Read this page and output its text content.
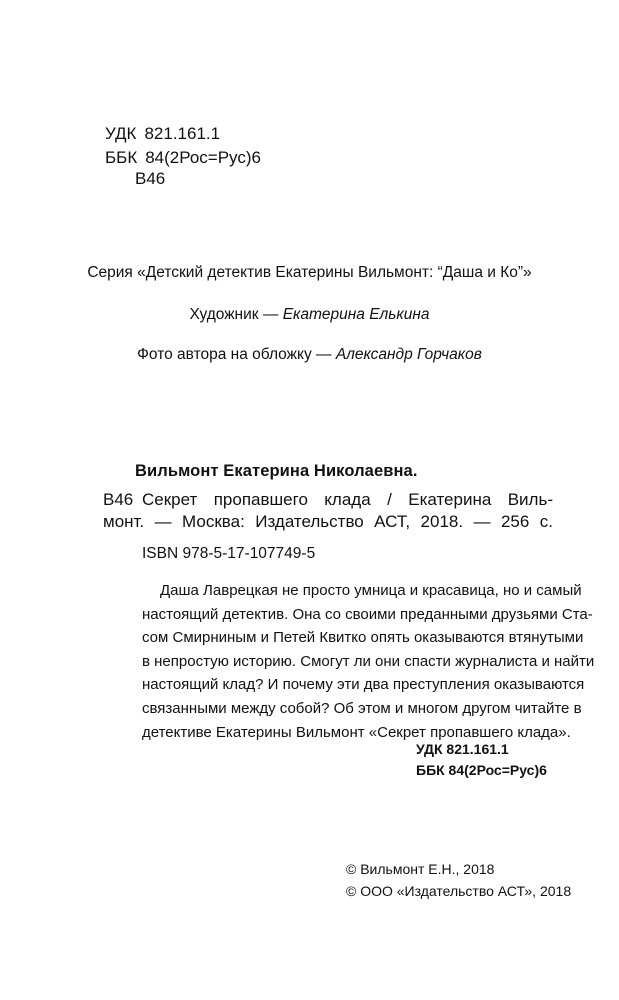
УДК 821.161.1
ББК 84(2Рос=Рус)6
В46
Серия «Детский детектив Екатерины Вильмонт: “Даша и Ко”»
Художник — Екатерина Елькина
Фото автора на обложку — Александр Горчаков
Вильмонт Екатерина Николаевна.
В46 Секрет пропавшего клада / Екатерина Виль-
монт. — Москва: Издательство АСТ, 2018. — 256 с.
ISBN 978-5-17-107749-5
Даша Лаврецкая не просто умница и красавица, но и самый
настоящий детектив. Она со своими преданными друзьями Ста-
сом Смирниным и Петей Квитко опять оказываются втянутыми
в непростую историю. Смогут ли они спасти журналиста и найти
настоящий клад? И почему эти два преступления оказываются
связанными между собой? Об этом и многом другом читайте в
детективе Екатерины Вильмонт «Секрет пропавшего клада».
УДК 821.161.1
ББК 84(2Рос=Рус)6
© Вильмонт Е.Н., 2018
© ООО «Издательство АСТ», 2018
